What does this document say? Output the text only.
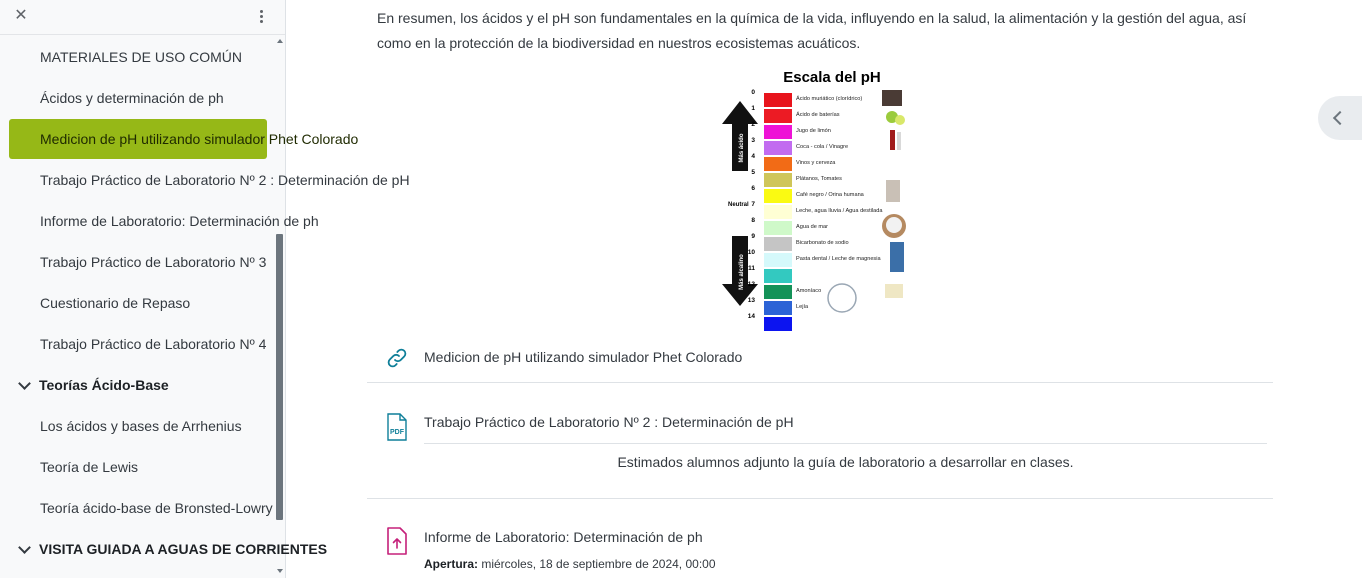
✕
MATERIALES DE USO COMÚN
Ácidos y determinación de ph
Medicion de pH utilizando simulador Phet Colorado
Trabajo Práctico de Laboratorio Nº 2 : Determinación de pH
Informe de Laboratorio: Determinación de ph
Trabajo Práctico de Laboratorio Nº 3
Cuestionario de Repaso
Trabajo Práctico de Laboratorio Nº 4
Teorías Ácido-Base
Los ácidos y bases de Arrhenius
Teoría de Lewis
Teoría ácido-base de Bronsted-Lowry
VISITA GUIADA A AGUAS DE CORRIENTES

En resumen, los ácidos y el pH son fundamentales en la química de la vida, influyendo en la salud, la alimentación y la gestión del agua, así como en la protección de la biodiversidad en nuestros ecosistemas acuáticos.

Escala del pH
Más ácido
Neutral
Más alcalino
0
Ácido muriático (clorídrico)
1
Ácido de baterías
2
Jugo de limón
3
Coca - cola / Vinagre
4
Vinos y cerveza
5
Plátanos, Tomates
6
Café negro / Orina humana
7
Leche, agua lluvia / Agua destilada
8
Agua de mar
9
Bicarbonato de sodio
10
Pasta dental / Leche de magnesia
11
12
Amoníaco
13
Lejía
14
Medicion de pH utilizando simulador Phet Colorado
PDF
Trabajo Práctico de Laboratorio Nº 2 : Determinación de pH
Estimados alumnos adjunto la guía de laboratorio a desarrollar en clases.
Informe de Laboratorio: Determinación de ph
Apertura: miércoles, 18 de septiembre de 2024, 00:00
